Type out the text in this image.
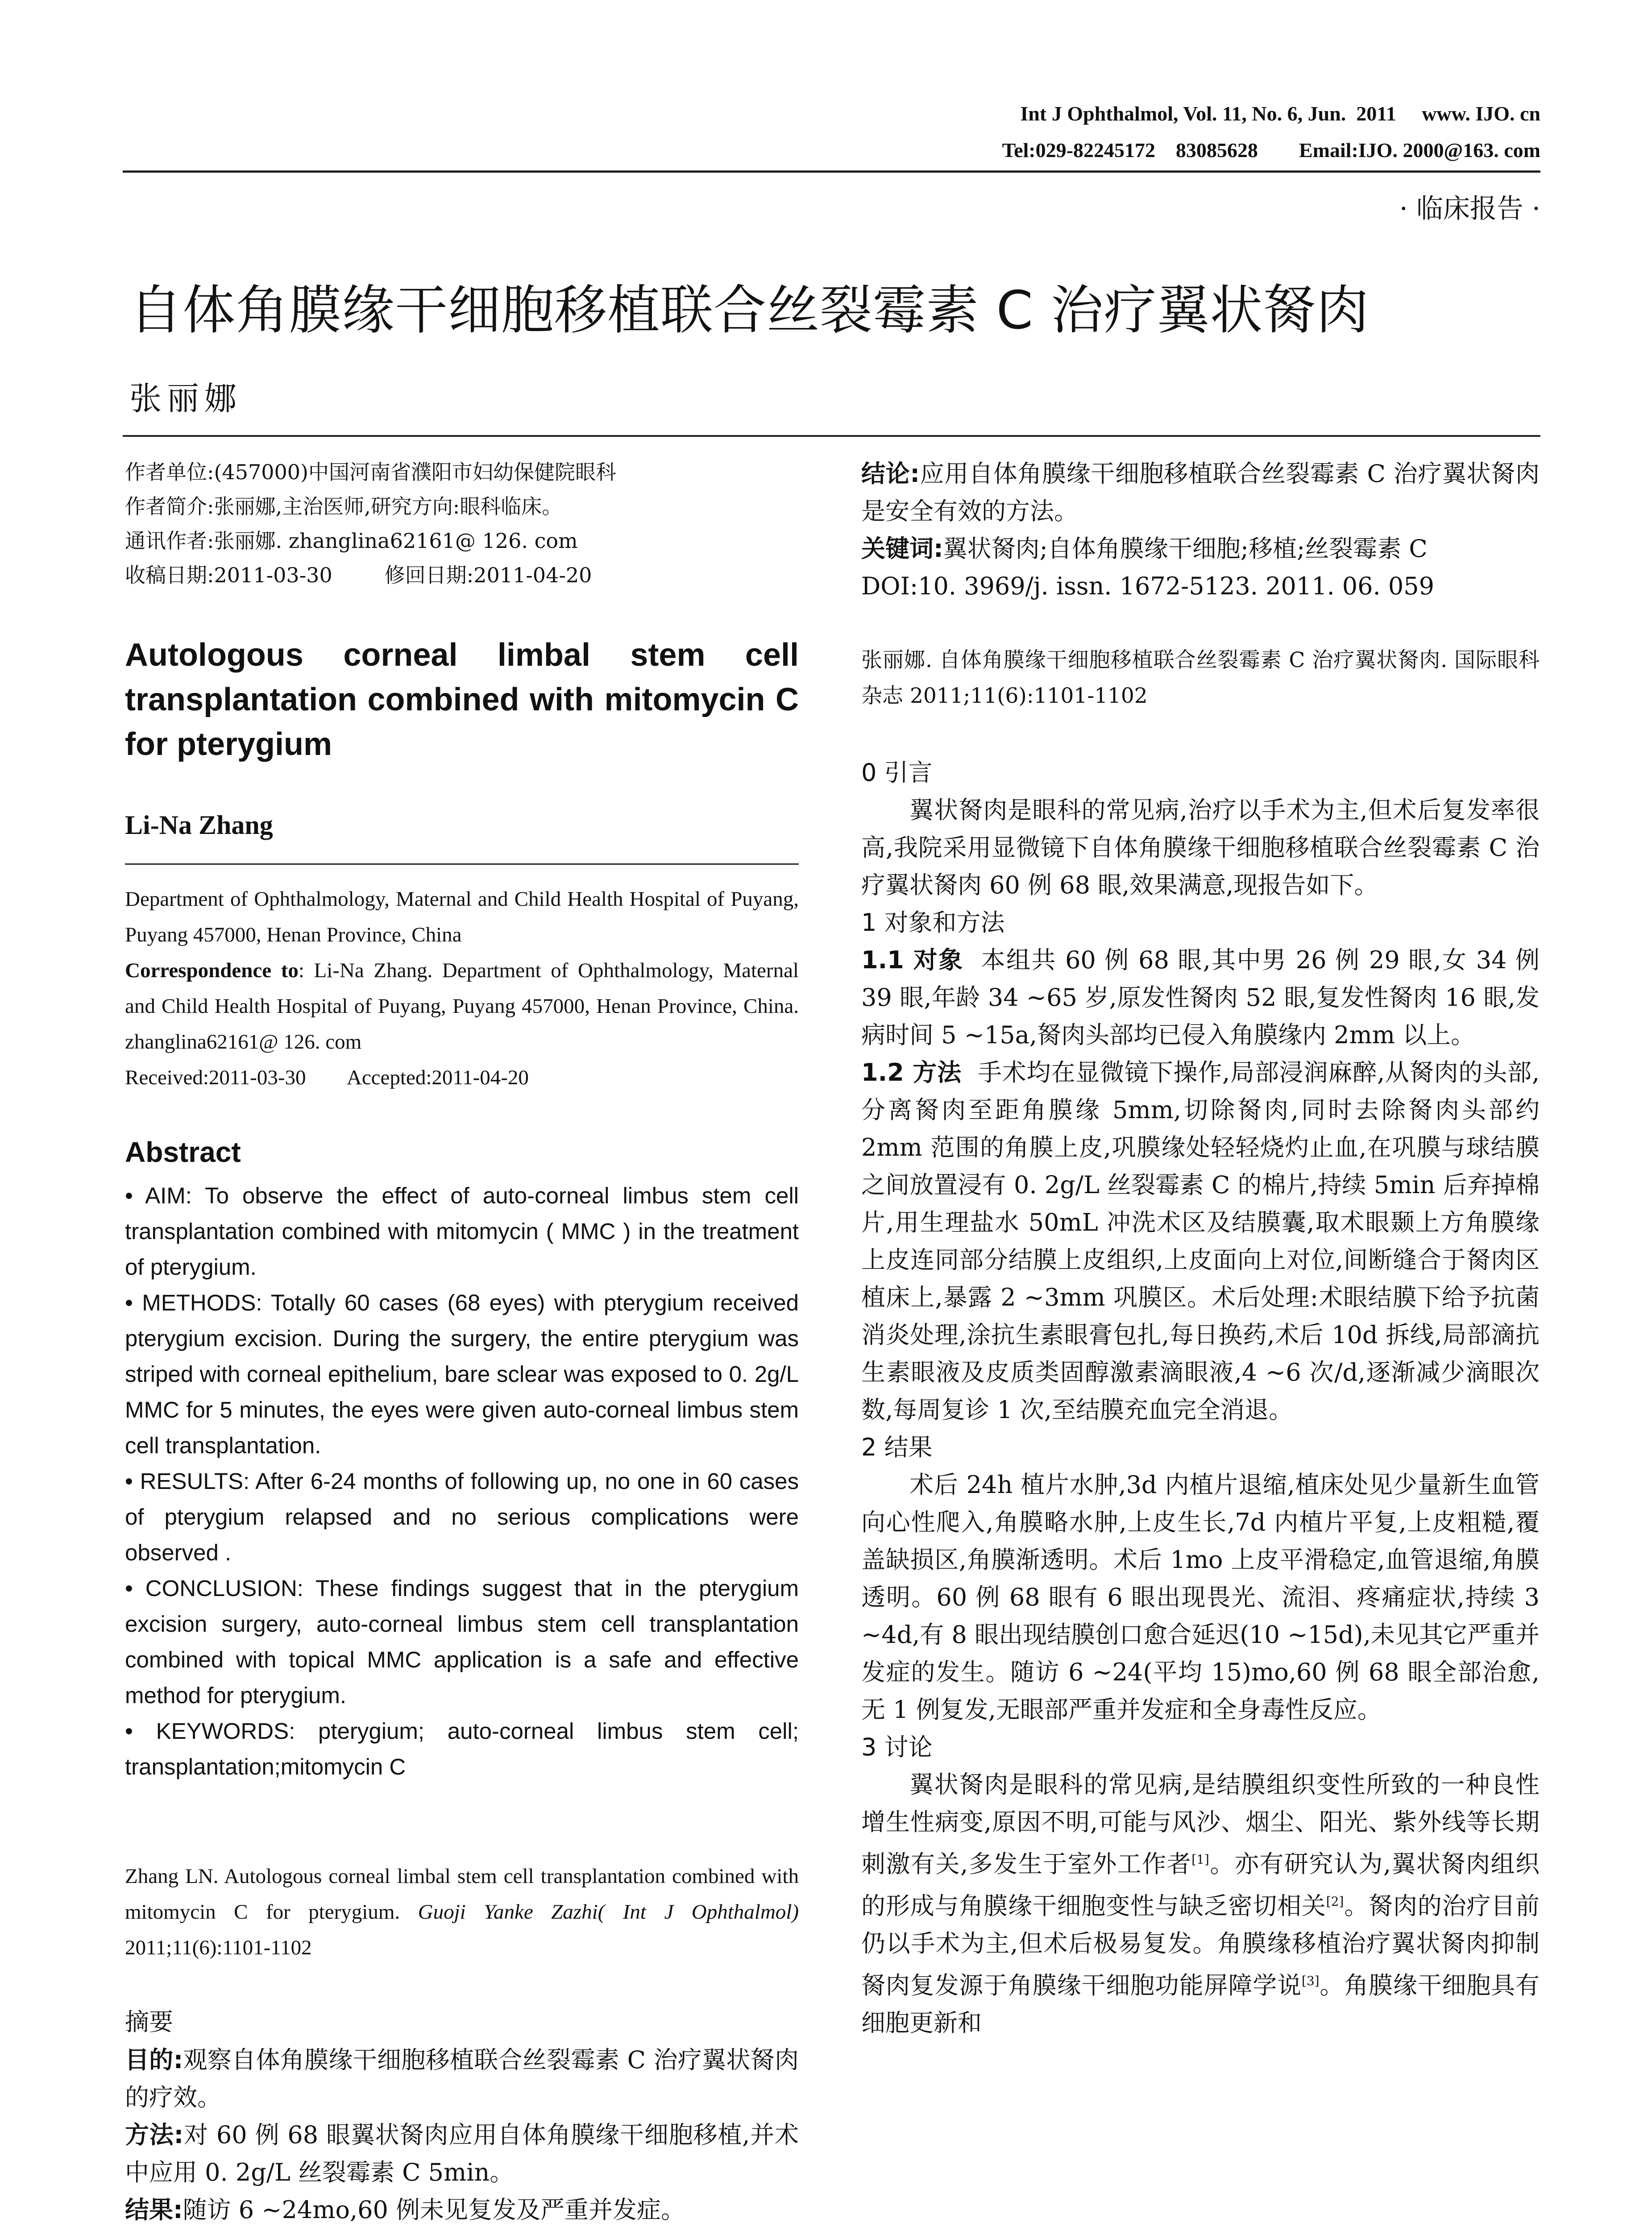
Int J Ophthalmol, Vol. 11, No. 6, Jun.  2011     www. IJO. cn
Tel:029-82245172    83085628        Email:IJO. 2000@163. com
· 临床报告 ·
自体角膜缘干细胞移植联合丝裂霉素 C 治疗翼状胬肉
张丽娜
作者单位:(457000)中国河南省濮阳市妇幼保健院眼科
作者简介:张丽娜,主治医师,研究方向:眼科临床。
通讯作者:张丽娜. zhanglina62161@ 126. com
收稿日期:2011-03-30        修回日期:2011-04-20
Autologous corneal limbal stem cell transplantation combined with mitomycin C for pterygium
Li-Na Zhang
Department of Ophthalmology, Maternal and Child Health Hospital of Puyang, Puyang 457000, Henan Province, China
Correspondence to: Li-Na Zhang. Department of Ophthalmology, Maternal and Child Health Hospital of Puyang, Puyang 457000, Henan Province, China. zhanglina62161@ 126. com
Received:2011-03-30        Accepted:2011-04-20
Abstract

• AIM: To observe the effect of auto-corneal limbus stem cell transplantation combined with mitomycin ( MMC ) in the treatment of pterygium.

• METHODS: Totally 60 cases (68 eyes) with pterygium received pterygium excision. During the surgery, the entire pterygium was striped with corneal epithelium, bare sclear was exposed to 0. 2g/L MMC for 5 minutes, the eyes were given auto-corneal limbus stem cell transplantation.

• RESULTS: After 6-24 months of following up, no one in 60 cases of pterygium relapsed and no serious complications were observed .

• CONCLUSION: These findings suggest that in the pterygium excision surgery, auto-corneal limbus stem cell transplantation combined with topical MMC application is a safe and effective method for pterygium.

• KEYWORDS: pterygium; auto-corneal limbus stem cell; transplantation;mitomycin C

Zhang LN. Autologous corneal limbal stem cell transplantation combined with mitomycin C for pterygium. Guoji Yanke Zazhi( Int J Ophthalmol) 2011;11(6):1101-1102
摘要

目的:观察自体角膜缘干细胞移植联合丝裂霉素 C 治疗翼状胬肉的疗效。

方法:对 60 例 68 眼翼状胬肉应用自体角膜缘干细胞移植,并术中应用 0. 2g/L 丝裂霉素 C 5min。

结果:随访 6 ~24mo,60 例未见复发及严重并发症。

结论:应用自体角膜缘干细胞移植联合丝裂霉素 C 治疗翼状胬肉是安全有效的方法。

关键词:翼状胬肉;自体角膜缘干细胞;移植;丝裂霉素 C

DOI:10. 3969/j. issn. 1672-5123. 2011. 06. 059

张丽娜. 自体角膜缘干细胞移植联合丝裂霉素 C 治疗翼状胬肉. 国际眼科杂志 2011;11(6):1101-1102

0 引言

翼状胬肉是眼科的常见病,治疗以手术为主,但术后复发率很高,我院采用显微镜下自体角膜缘干细胞移植联合丝裂霉素 C 治疗翼状胬肉 60 例 68 眼,效果满意,现报告如下。

1 对象和方法

1.1 对象 本组共 60 例 68 眼,其中男 26 例 29 眼,女 34 例 39 眼,年龄 34 ~65 岁,原发性胬肉 52 眼,复发性胬肉 16 眼,发病时间 5 ~15a,胬肉头部均已侵入角膜缘内 2mm 以上。

1.2 方法 手术均在显微镜下操作,局部浸润麻醉,从胬肉的头部,分离胬肉至距角膜缘 5mm,切除胬肉,同时去除胬肉头部约 2mm 范围的角膜上皮,巩膜缘处轻轻烧灼止血,在巩膜与球结膜之间放置浸有 0. 2g/L 丝裂霉素 C 的棉片,持续 5min 后弃掉棉片,用生理盐水 50mL 冲洗术区及结膜囊,取术眼颞上方角膜缘上皮连同部分结膜上皮组织,上皮面向上对位,间断缝合于胬肉区植床上,暴露 2 ~3mm 巩膜区。术后处理:术眼结膜下给予抗菌消炎处理,涂抗生素眼膏包扎,每日换药,术后 10d 拆线,局部滴抗生素眼液及皮质类固醇激素滴眼液,4 ~6 次/d,逐渐减少滴眼次数,每周复诊 1 次,至结膜充血完全消退。

2 结果

术后 24h 植片水肿,3d 内植片退缩,植床处见少量新生血管向心性爬入,角膜略水肿,上皮生长,7d 内植片平复,上皮粗糙,覆盖缺损区,角膜渐透明。术后 1mo 上皮平滑稳定,血管退缩,角膜透明。60 例 68 眼有 6 眼出现畏光、流泪、疼痛症状,持续 3 ~4d,有 8 眼出现结膜创口愈合延迟(10 ~15d),未见其它严重并发症的发生。随访 6 ~24(平均 15)mo,60 例 68 眼全部治愈,无 1 例复发,无眼部严重并发症和全身毒性反应。

3 讨论

翼状胬肉是眼科的常见病,是结膜组织变性所致的一种良性增生性病变,原因不明,可能与风沙、烟尘、阳光、紫外线等长期刺激有关,多发生于室外工作者[1]。亦有研究认为,翼状胬肉组织的形成与角膜缘干细胞变性与缺乏密切相关[2]。胬肉的治疗目前仍以手术为主,但术后极易复发。角膜缘移植治疗翼状胬肉抑制胬肉复发源于角膜缘干细胞功能屏障学说[3]。角膜缘干细胞具有细胞更新和
